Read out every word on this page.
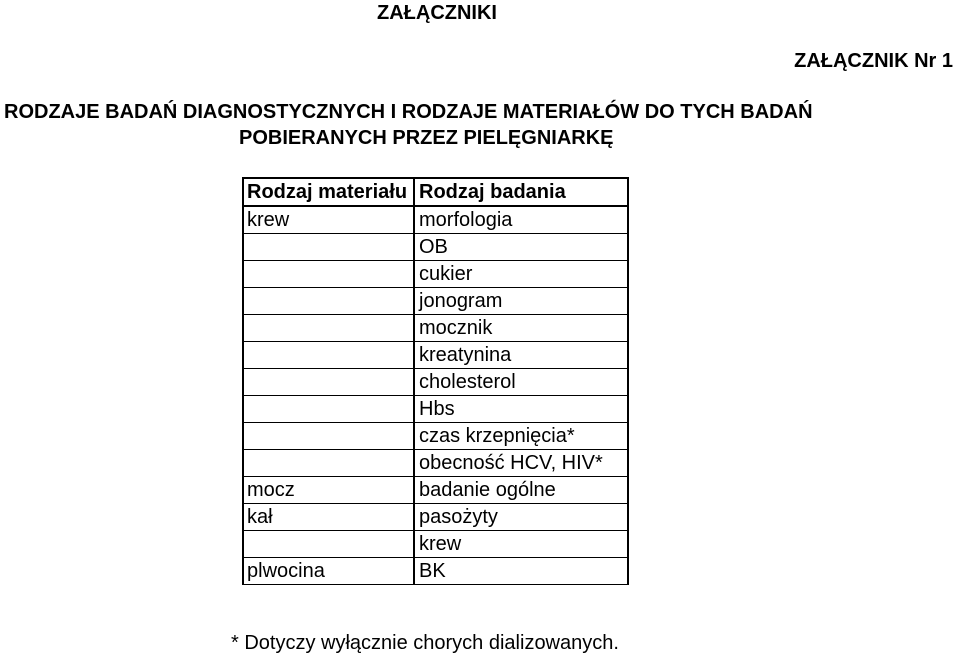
ZAŁĄCZNIKI
ZAŁĄCZNIK Nr 1
RODZAJE BADAŃ DIAGNOSTYCZNYCH I RODZAJE MATERIAŁÓW DO TYCH BADAŃ
POBIERANYCH PRZEZ PIELĘGNIARKĘ
Rodzaj materiału	Rodzaj badania
krew	morfologia
	OB
	cukier
	jonogram
	mocznik
	kreatynina
	cholesterol
	Hbs
	czas krzepnięcia*
	obecność HCV, HIV*
mocz	badanie ogólne
kał	pasożyty
	krew
plwocina	BK
* Dotyczy wyłącznie chorych dializowanych.
